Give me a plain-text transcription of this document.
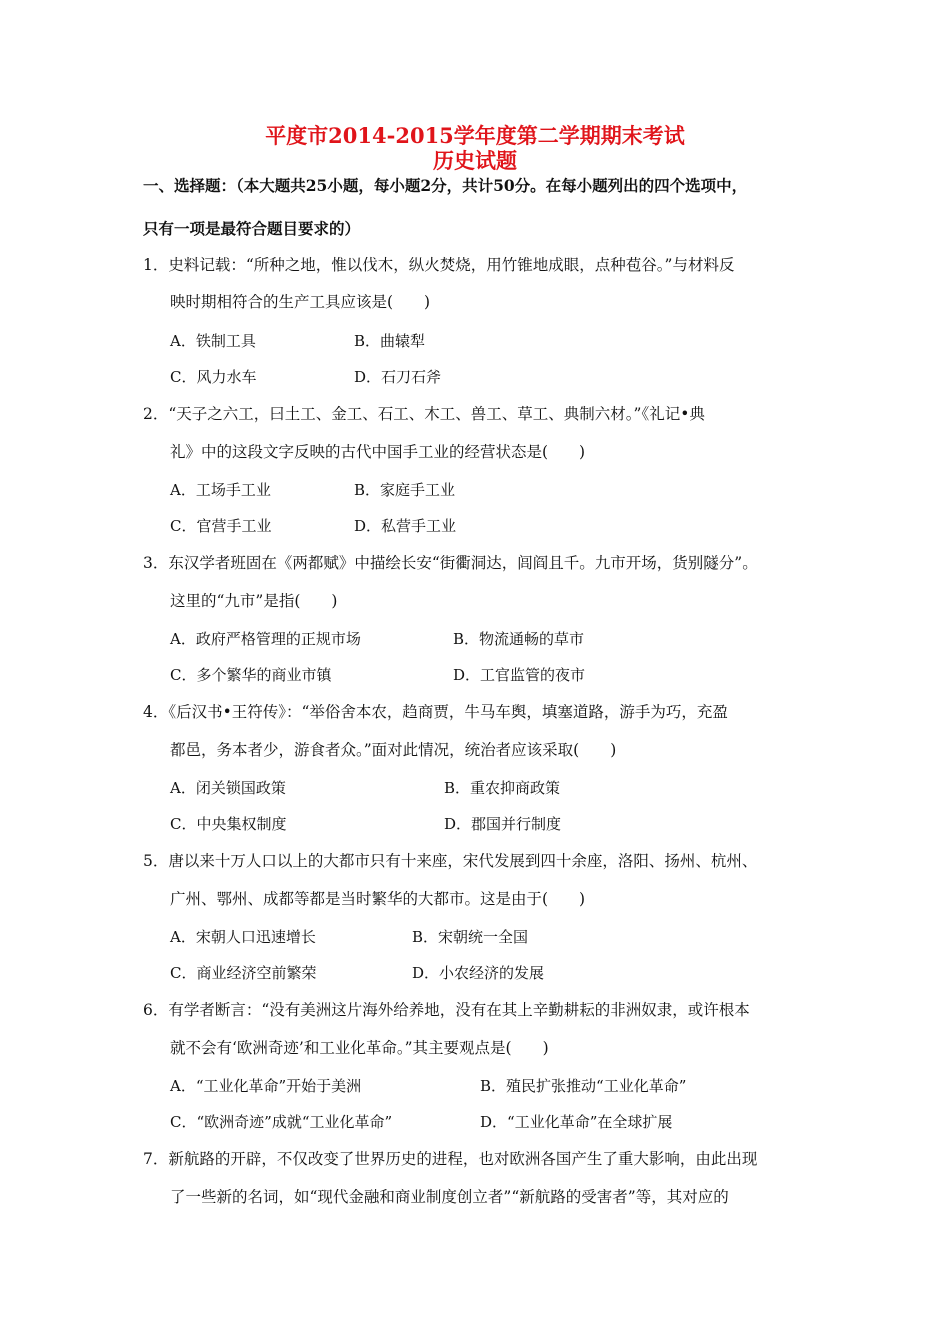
平度市2014-2015学年度第二学期期末考试
历史试题
一、选择题：（本大题共25小题，每小题2分，共计50分。在每小题列出的四个选项中，
只有一项是最符合题目要求的）
1．史料记载：“所种之地，惟以伐木，纵火焚烧，用竹锥地成眼，点种苞谷。”与材料反
映时期相符合的生产工具应该是(　　)
A．铁制工具	B．曲辕犁
C．风力水车	D．石刀石斧
2．“天子之六工，曰土工、金工、石工、木工、兽工、草工、典制六材。”《礼记•典
礼》中的这段文字反映的古代中国手工业的经营状态是(　　)
A．工场手工业	B．家庭手工业
C．官营手工业	D．私营手工业
3．东汉学者班固在《两都赋》中描绘长安“街衢洞达，闾阎且千。九市开场，货别隧分”。
这里的“九市”是指(　　)
A．政府严格管理的正规市场	B．物流通畅的草市
C．多个繁华的商业市镇	D．工官监管的夜市
4．《后汉书•王符传》：“举俗舍本农，趋商贾，牛马车舆，填塞道路，游手为巧，充盈
都邑，务本者少，游食者众。”面对此情况，统治者应该采取(　　)
A．闭关锁国政策	B．重农抑商政策
C．中央集权制度	D．郡国并行制度
5．唐以来十万人口以上的大都市只有十来座，宋代发展到四十余座，洛阳、扬州、杭州、
广州、鄂州、成都等都是当时繁华的大都市。这是由于(　　)
A．宋朝人口迅速增长	B．宋朝统一全国
C．商业经济空前繁荣	D．小农经济的发展
6．有学者断言：“没有美洲这片海外给养地，没有在其上辛勤耕耘的非洲奴隶，或许根本
就不会有‘欧洲奇迹’和工业化革命。”其主要观点是(　　)
A．“工业化革命”开始于美洲	B．殖民扩张推动“工业化革命”
C．“欧洲奇迹”成就“工业化革命”	D．“工业化革命”在全球扩展
7．新航路的开辟，不仅改变了世界历史的进程，也对欧洲各国产生了重大影响，由此出现
了一些新的名词，如“现代金融和商业制度创立者”“新航路的受害者”等，其对应的
